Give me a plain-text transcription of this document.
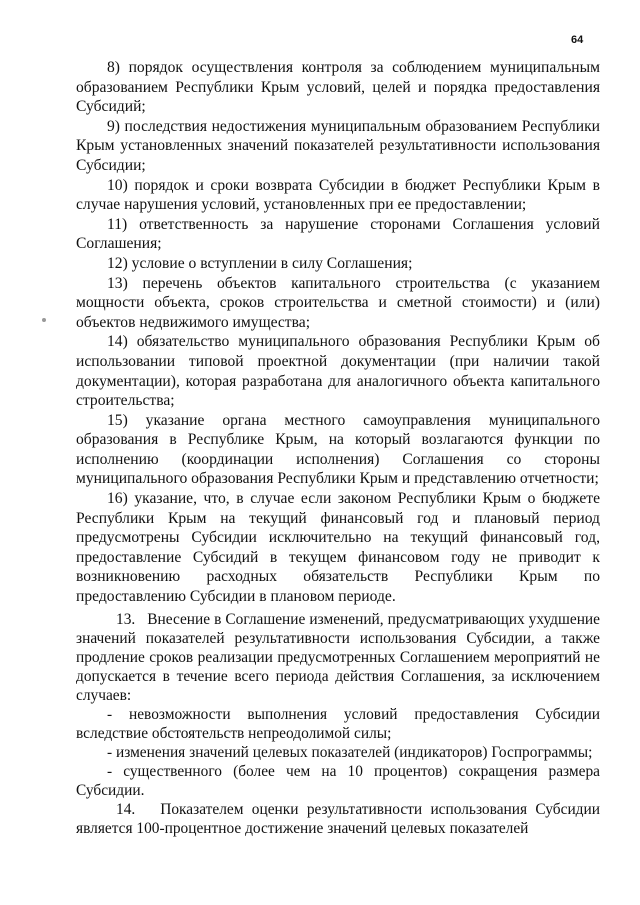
64

8) порядок осуществления контроля за соблюдением муниципальным образованием Республики Крым условий, целей и порядка предоставления Субсидий;

9) последствия недостижения муниципальным образованием Республики Крым установленных значений показателей результативности использования Субсидии;

10) порядок и сроки возврата Субсидии в бюджет Республики Крым в случае нарушения условий, установленных при ее предоставлении;

11) ответственность за нарушение сторонами Соглашения условий Соглашения;

12) условие о вступлении в силу Соглашения;

13) перечень объектов капитального строительства (с указанием мощности объекта, сроков строительства и сметной стоимости) и (или) объектов недвижимого имущества;

14) обязательство муниципального образования Республики Крым об использовании типовой проектной документации (при наличии такой документации), которая разработана для аналогичного объекта капитального строительства;

15) указание органа местного самоуправления муниципального образования в Республике Крым, на который возлагаются функции по исполнению (координации исполнения) Соглашения со стороны муниципального образования Республики Крым и представлению отчетности;

16) указание, что, в случае если законом Республики Крым о бюджете Республики Крым на текущий финансовый год и плановый период предусмотрены Субсидии исключительно на текущий финансовый год, предоставление Субсидий в текущем финансовом году не приводит к возникновению расходных обязательств Республики Крым по предоставлению Субсидии в плановом периоде.

13.   Внесение в Соглашение изменений, предусматривающих ухудшение значений показателей результативности использования Субсидии, а также продление сроков реализации предусмотренных Соглашением мероприятий не допускается в течение всего периода действия Соглашения, за исключением случаев:

- невозможности выполнения условий предоставления Субсидии вследствие обстоятельств непреодолимой силы;

- изменения значений целевых показателей (индикаторов) Госпрограммы;

- существенного (более чем на 10 процентов) сокращения размера Субсидии.

14.   Показателем оценки результативности использования Субсидии является 100-процентное достижение значений целевых показателей
